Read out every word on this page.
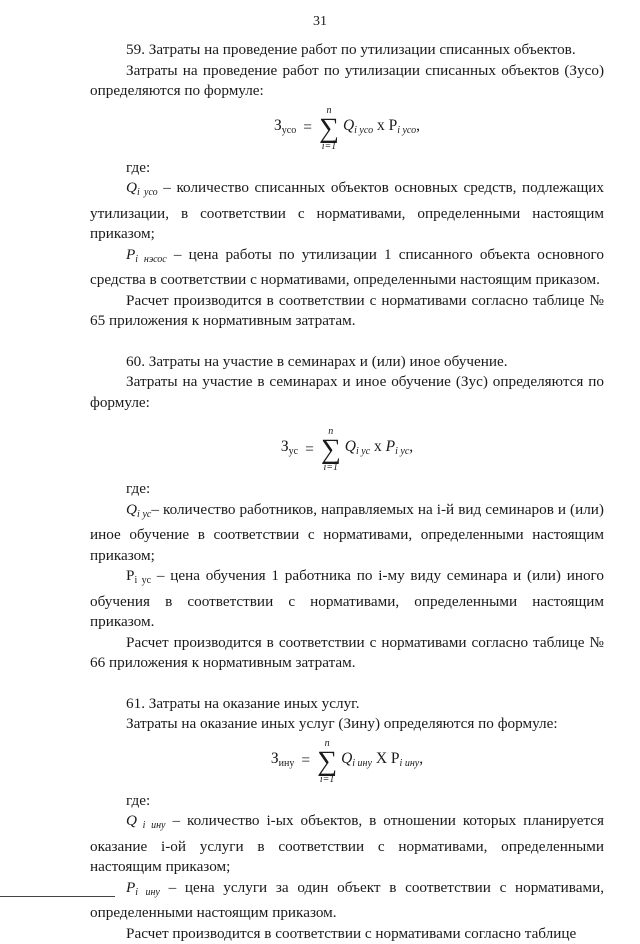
31

59. Затраты на проведение работ по утилизации списанных объектов.

Затраты на проведение работ по утилизации списанных объектов (Зусо) определяются по формуле:

$З_{усо}$ =
n
∑
i=1
$Q_{i усо}$ x $P_{i усо}$,

где:

$Q_{i усо}$ – количество списанных объектов основных средств, подлежащих утилизации, в соответствии с нормативами, определенными настоящим приказом;

$P_{i нэсос}$ – цена работы по утилизации 1 списанного объекта основного средства в соответствии с нормативами, определенными настоящим приказом.

Расчет производится в соответствии с нормативами согласно таблице № 65 приложения к нормативным затратам.

60. Затраты на участие в семинарах и (или) иное обучение.

Затраты на участие в семинарах и иное обучение (Зус) определяются по формуле:

$З_{ус}$ =
n
∑
i=1
$Q_{i ус}$ x $P_{i ус}$,

где:

$Q_{i ус}-$ количество работников, направляемых на i-й вид семинаров и (или) иное обучение в соответствии с нормативами, определенными настоящим приказом;

$P_{i ус}$ – цена обучения 1 работника по i-му виду семинара и (или) иного обучения в соответствии с нормативами, определенными настоящим приказом.

Расчет производится в соответствии с нормативами согласно таблице № 66 приложения к нормативным затратам.

61. Затраты на оказание иных услуг.

Затраты на оказание иных услуг (Зину) определяются по формуле:

$З_{ину}$ =
n
∑
i=1
$Q_{i ину}$ X $P_{i ину}$,

где:

Q $_{i ину}$ – количество i-ых объектов, в отношении которых планируется оказание i-ой услуги в соответствии с нормативами, определенными настоящим приказом;

$P_{i ину}$ – цена услуги за один объект в соответствии с нормативами, определенными настоящим приказом.

Расчет производится в соответствии с нормативами согласно таблице
